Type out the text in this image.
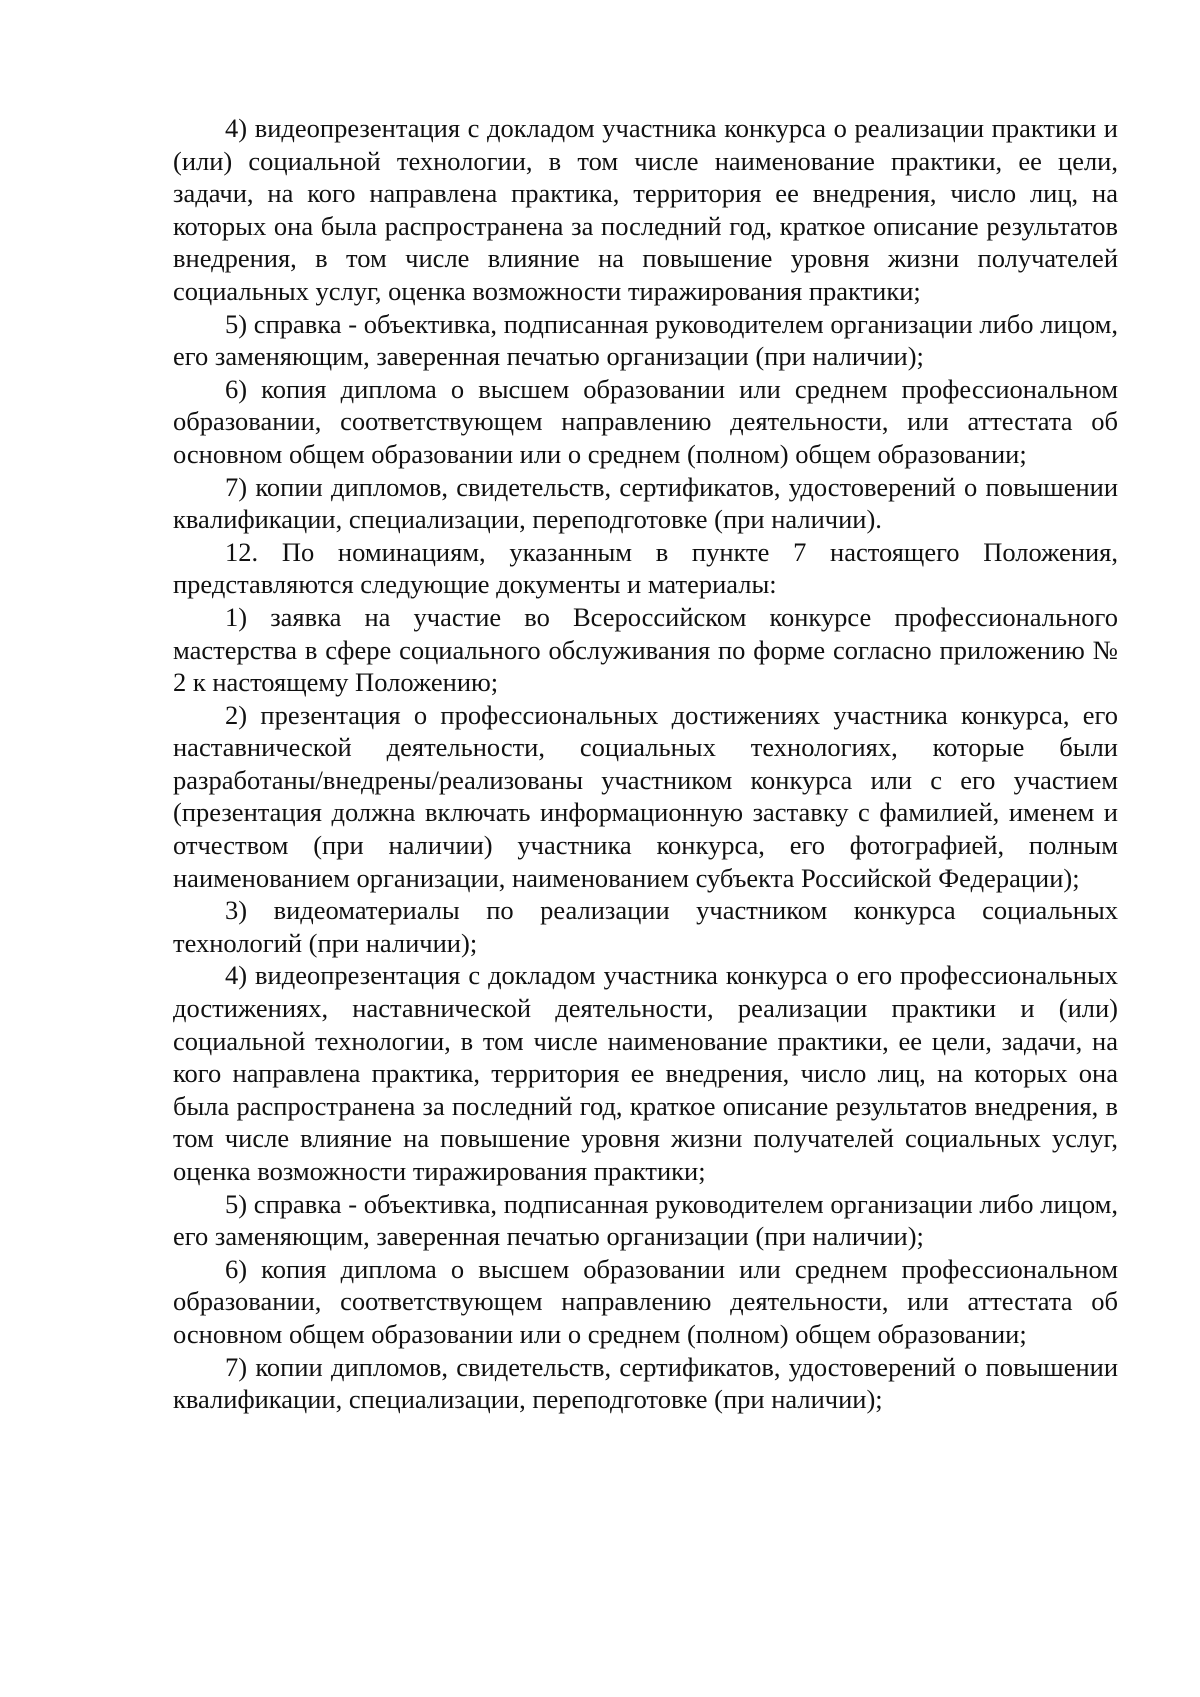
4) видеопрезентация с докладом участника конкурса о реализации практики и (или) социальной технологии, в том числе наименование практики, ее цели, задачи, на кого направлена практика, территория ее внедрения, число лиц, на которых она была распространена за последний год, краткое описание результатов внедрения, в том числе влияние на повышение уровня жизни получателей социальных услуг, оценка возможности тиражирования практики;

5) справка - объективка, подписанная руководителем организации либо лицом, его заменяющим, заверенная печатью организации (при наличии);

6) копия диплома о высшем образовании или среднем профессиональном образовании, соответствующем направлению деятельности, или аттестата об основном общем образовании или о среднем (полном) общем образовании;

7) копии дипломов, свидетельств, сертификатов, удостоверений о повышении квалификации, специализации, переподготовке (при наличии).

12. По номинациям, указанным в пункте 7 настоящего Положения, представляются следующие документы и материалы:

1) заявка на участие во Всероссийском конкурсе профессионального мастерства в сфере социального обслуживания по форме согласно приложению № 2 к настоящему Положению;

2) презентация о профессиональных достижениях участника конкурса, его наставнической деятельности, социальных технологиях, которые были разработаны/внедрены/реализованы участником конкурса или с его участием (презентация должна включать информационную заставку с фамилией, именем и отчеством (при наличии) участника конкурса, его фотографией, полным наименованием организации, наименованием субъекта Российской Федерации);

3) видеоматериалы по реализации участником конкурса социальных технологий (при наличии);

4) видеопрезентация с докладом участника конкурса о его профессиональных достижениях, наставнической деятельности, реализации практики и (или) социальной технологии, в том числе наименование практики, ее цели, задачи, на кого направлена практика, территория ее внедрения, число лиц, на которых она была распространена за последний год, краткое описание результатов внедрения, в том числе влияние на повышение уровня жизни получателей социальных услуг, оценка возможности тиражирования практики;

5) справка - объективка, подписанная руководителем организации либо лицом, его заменяющим, заверенная печатью организации (при наличии);

6) копия диплома о высшем образовании или среднем профессиональном образовании, соответствующем направлению деятельности, или аттестата об основном общем образовании или о среднем (полном) общем образовании;

7) копии дипломов, свидетельств, сертификатов, удостоверений о повышении квалификации, специализации, переподготовке (при наличии);
